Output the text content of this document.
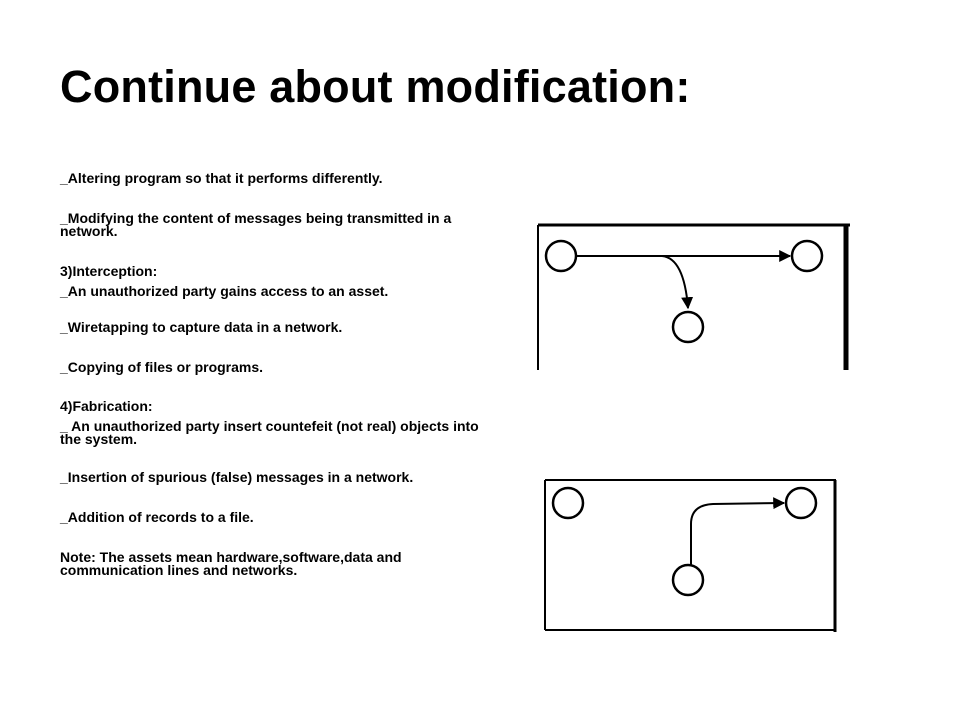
Continue about modification:

_Altering program so that it performs differently.

_Modifying the content of messages being transmitted in a network.

3)Interception:

_An unauthorized party gains access to an asset.

_Wiretapping to capture data in a network.

_Copying of files or programs.

4)Fabrication:

_ An unauthorized party insert countefeit (not real) objects into the system.

_Insertion of spurious (false) messages in a network.

_Addition of records to a file.

Note: The assets mean hardware,software,data and communication lines and networks.
